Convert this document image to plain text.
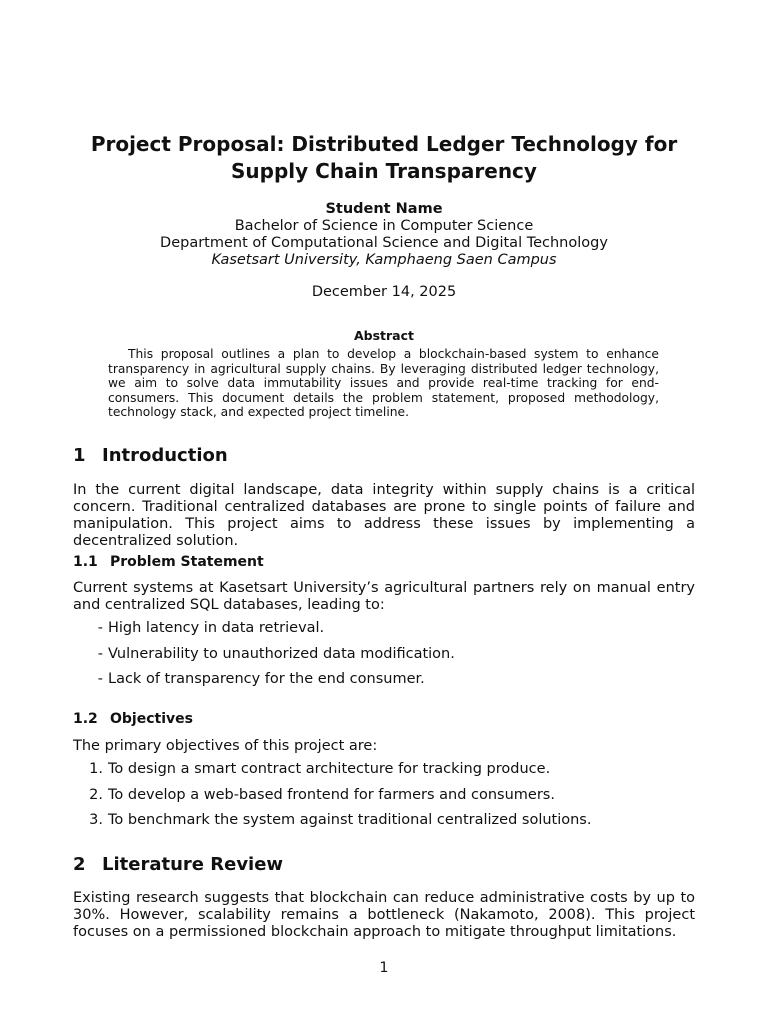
Project Proposal: Distributed Ledger Technology for
Supply Chain Transparency
Student Name
Bachelor of Science in Computer Science
Department of Computational Science and Digital Technology
Kasetsart University, Kamphaeng Saen Campus
December 14, 2025
Abstract

This proposal outlines a plan to develop a blockchain-based system to enhance transparency in agricultural supply chains. By leveraging distributed ledger technology, we aim to solve data immutability issues and provide real-time tracking for end-consumers. This document details the problem statement, proposed methodology, technology stack, and expected project timeline.

1 Introduction

In the current digital landscape, data integrity within supply chains is a critical concern. Traditional centralized databases are prone to single points of failure and manipulation. This project aims to address these issues by implementing a decentralized solution.

1.1 Problem Statement

Current systems at Kasetsart University’s agricultural partners rely on manual entry and centralized SQL databases, leading to:

- High latency in data retrieval.
- Vulnerability to unauthorized data modification.
- Lack of transparency for the end consumer.
1.2 Objectives

The primary objectives of this project are:

1. To design a smart contract architecture for tracking produce.
2. To develop a web-based frontend for farmers and consumers.
3. To benchmark the system against traditional centralized solutions.
2 Literature Review

Existing research suggests that blockchain can reduce administrative costs by up to 30%. However, scalability remains a bottleneck (Nakamoto, 2008). This project focuses on a permissioned blockchain approach to mitigate throughput limitations.

1
